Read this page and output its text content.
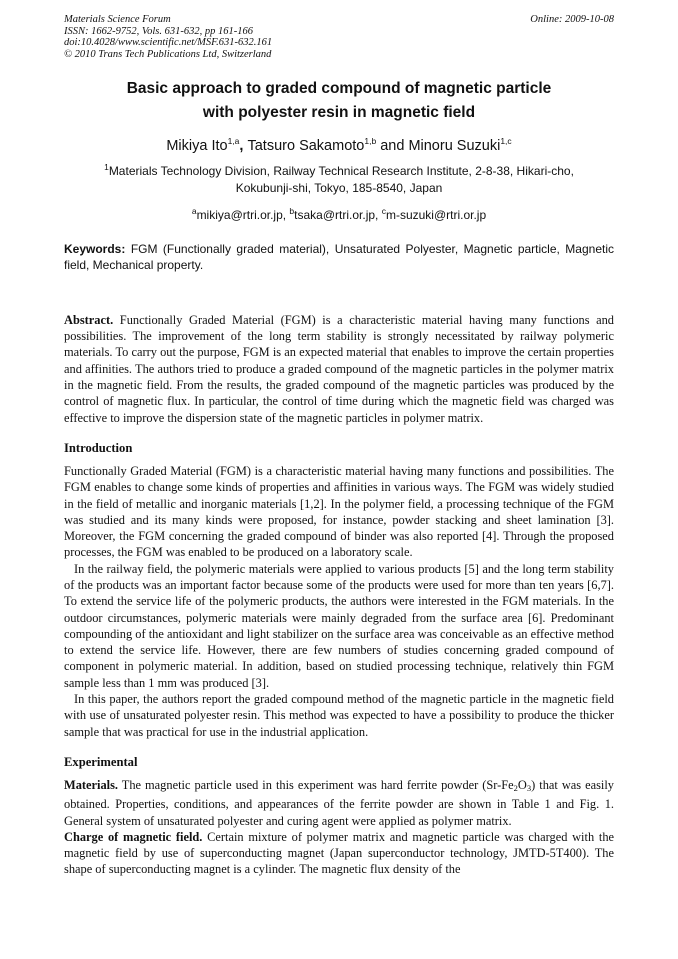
Materials Science Forum
ISSN: 1662-9752, Vols. 631-632, pp 161-166
doi:10.4028/www.scientific.net/MSF.631-632.161
© 2010 Trans Tech Publications Ltd, Switzerland
Online: 2009-10-08
Basic approach to graded compound of magnetic particle
with polyester resin in magnetic field
Mikiya Ito$^{1,a}$, Tatsuro Sakamoto$^{1,b}$ and Minoru Suzuki$^{1,c}$
$^1$Materials Technology Division, Railway Technical Research Institute, 2-8-38, Hikari-cho,
Kokubunji-shi, Tokyo, 185-8540, Japan
$^a$mikiya@rtri.or.jp, $^b$tsaka@rtri.or.jp, $^c$m-suzuki@rtri.or.jp
Keywords: FGM (Functionally graded material), Unsaturated Polyester, Magnetic particle, Magnetic field, Mechanical property.
Abstract. Functionally Graded Material (FGM) is a characteristic material having many functions and possibilities. The improvement of the long term stability is strongly necessitated by railway polymeric materials. To carry out the purpose, FGM is an expected material that enables to improve the certain properties and affinities. The authors tried to produce a graded compound of the magnetic particles in the polymer matrix in the magnetic field. From the results, the graded compound of the magnetic particles was produced by the control of magnetic flux. In particular, the control of time during which the magnetic field was charged was effective to improve the dispersion state of the magnetic particles in polymer matrix.
Introduction
Functionally Graded Material (FGM) is a characteristic material having many functions and possibilities. The FGM enables to change some kinds of properties and affinities in various ways. The FGM was widely studied in the field of metallic and inorganic materials [1,2]. In the polymer field, a processing technique of the FGM was studied and its many kinds were proposed, for instance, powder stacking and sheet lamination [3]. Moreover, the FGM concerning the graded compound of binder was also reported [4]. Through the proposed processes, the FGM was enabled to be produced on a laboratory scale.
In the railway field, the polymeric materials were applied to various products [5] and the long term stability of the products was an important factor because some of the products were used for more than ten years [6,7]. To extend the service life of the polymeric products, the authors were interested in the FGM materials. In the outdoor circumstances, polymeric materials were mainly degraded from the surface area [6]. Predominant compounding of the antioxidant and light stabilizer on the surface area was conceivable as an effective method to extend the service life. However, there are few numbers of studies concerning graded compound of component in polymeric material. In addition, based on studied processing technique, relatively thin FGM sample less than 1 mm was produced [3].
In this paper, the authors report the graded compound method of the magnetic particle in the magnetic field with use of unsaturated polyester resin. This method was expected to have a possibility to produce the thicker sample that was practical for use in the industrial application.
Experimental
Materials. The magnetic particle used in this experiment was hard ferrite powder $(Sr-Fe_2O_3)$ that was easily obtained. Properties, conditions, and appearances of the ferrite powder are shown in Table 1 and Fig. 1. General system of unsaturated polyester and curing agent were applied as polymer matrix.
Charge of magnetic field. Certain mixture of polymer matrix and magnetic particle was charged with the magnetic field by use of superconducting magnet (Japan superconductor technology, JMTD-5T400). The shape of superconducting magnet is a cylinder. The magnetic flux density of the
